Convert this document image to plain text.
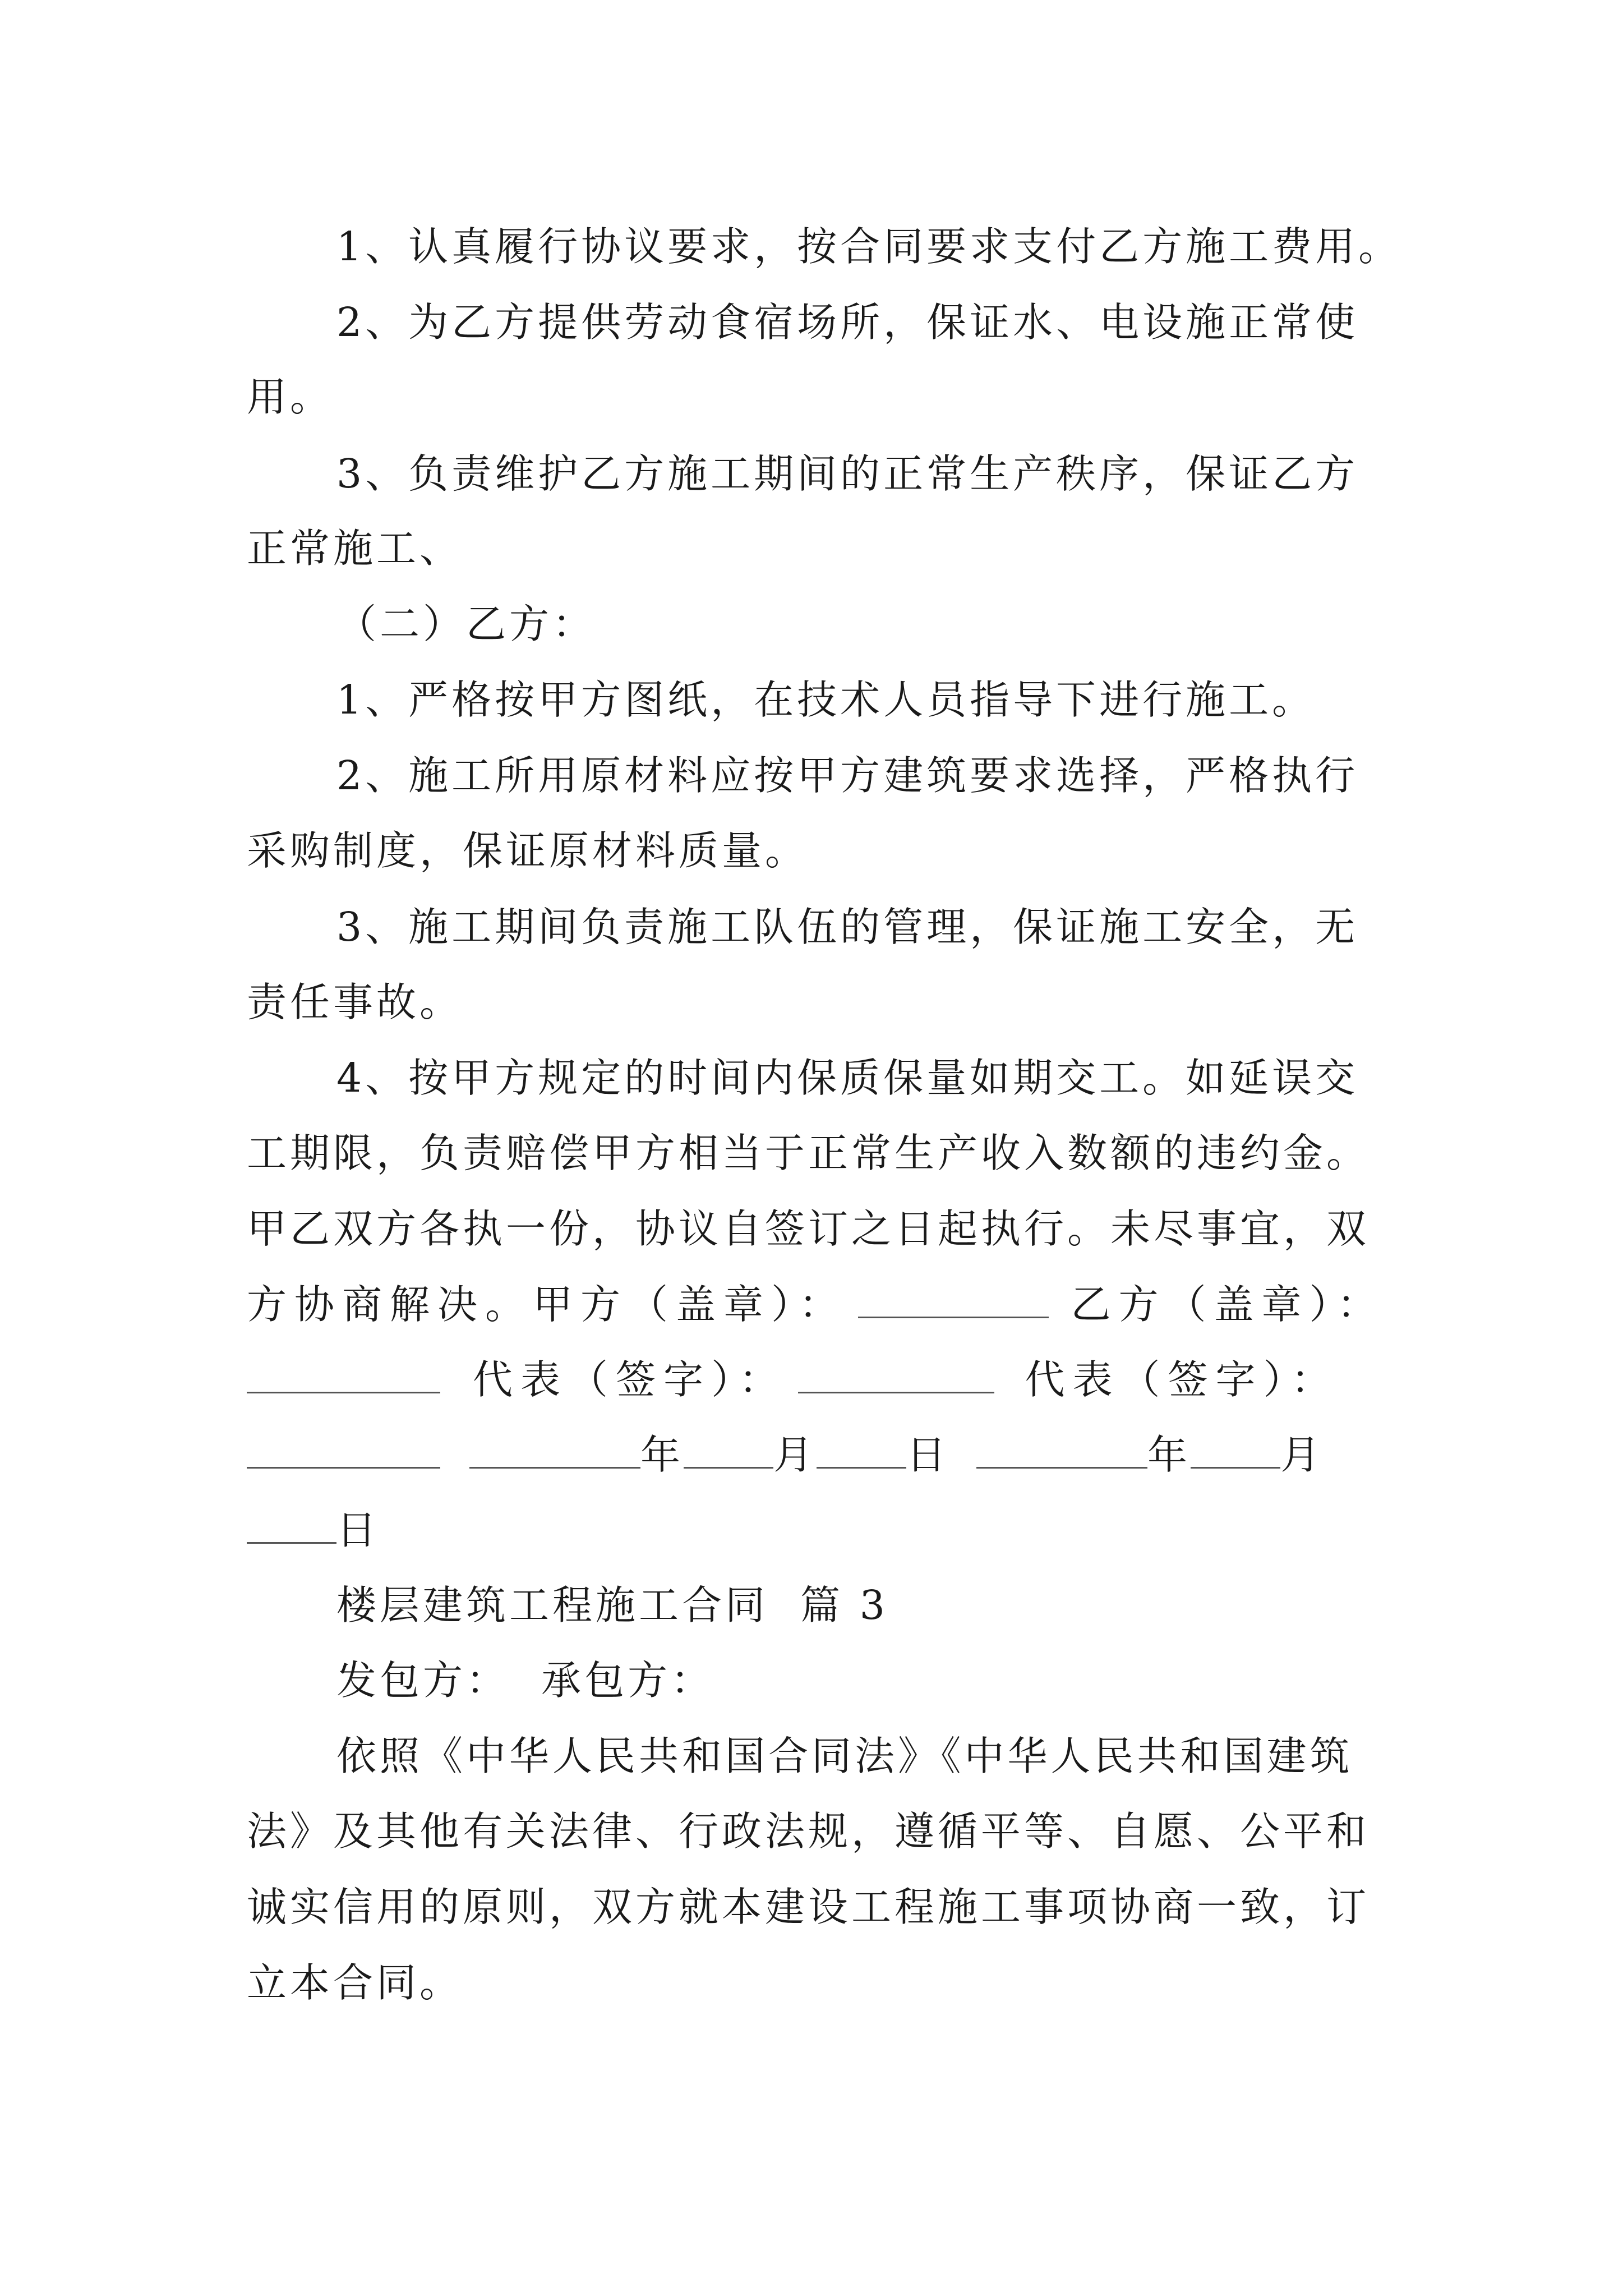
1、认真履行协议要求，按合同要求支付乙方施工费用。
2、为乙方提供劳动食宿场所，保证水、电设施正常使
用。
3、负责维护乙方施工期间的正常生产秩序，保证乙方
正常施工、
（二）乙方：
1、严格按甲方图纸，在技术人员指导下进行施工。
2、施工所用原材料应按甲方建筑要求选择，严格执行
采购制度，保证原材料质量。
3、施工期间负责施工队伍的管理，保证施工安全，无
责任事故。
4、按甲方规定的时间内保质保量如期交工。如延误交
工期限，负责赔偿甲方相当于正常生产收入数额的违约金。
甲乙双方各执一份，协议自签订之日起执行。未尽事宜，双
方协商解决。甲方（盖章）：	乙方（盖章）：
代表（签字）：	代表（签字）：
年 月 日	年 月
日
楼层建筑工程施工合同  篇 3
发包方：  承包方：
依照《中华人民共和国合同法》《中华人民共和国建筑
法》及其他有关法律、行政法规，遵循平等、自愿、公平和
诚实信用的原则，双方就本建设工程施工事项协商一致，订
立本合同。
